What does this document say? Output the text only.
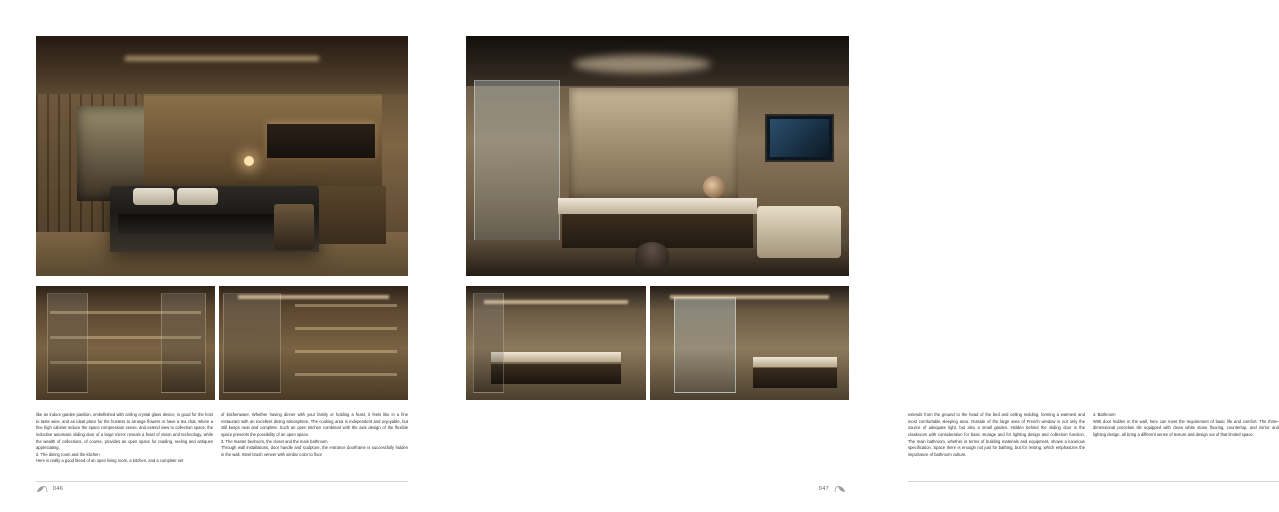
like an indoor garden pavilion, embellished with ceiling crystal glass device, is good for the host to taste wine, and an ideal place for the hostess to arrange flowers or have a tea chat, where a fine high cabinet reduce the space compression sense, and extend view to collection space; the inductive automatic sliding door of a large mirror reveals a feast of vision and technology, while the wealth of collections, of course, provides an open space for reading, reeling and antiques appreciating.

2. The dining room and the kitchen

Here is really a good blend of an open living room, a kitchen, and a complete set

of kitchenware. Whether having dinner with your family or holding a feast, it feels like in a fine restaurant with an excellent dining atmosphere. The cooking area is independent and enjoyable, but still keeps neat and complete. Such an open kitchen combined with the axis design of the flexible space presents the possibility of an open space.

3. The master bedroom, the closet and the main bathroom

Through wall installations, door handle and sculpture, the entrance doorframe is successfully hidden in the wall. Steel brush veneer with similar color to floor

046

extends from the ground to the head of the bed and ceiling molding, forming a warmest and most comfortable sleeping area. Outside of the large area of French window is not only the source of adequate light, but also a small garden. Hidden behind the sliding door is the cloakroom with consideration for basic storage and for lighting design and collection function. The main bathroom, whether in terms of building materials and equipment, shows a luxurious specification. Space there is enough not just for bathing, but for resting, which emphasizes the importance of bathroom culture.

4. Bathroom

With door hidden in the wall, here can meet the requirement of basic life and comfort. The three-dimensional porcelain tile equipped with clean white stone flooring, countertop, and mirror and lighting design, all bring a different sense of texture and design out of that limited space.

047
